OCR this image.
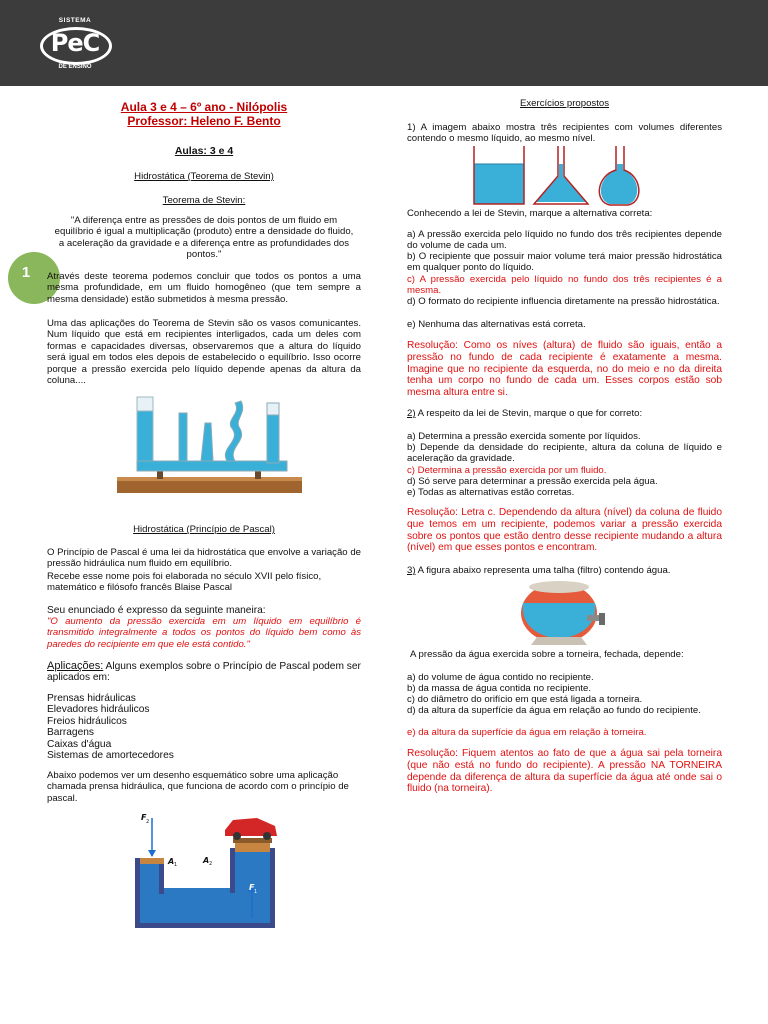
SISTEMA
PeC
DE ENSINO
1
Aula 3 e 4 – 6º ano - Nilópolis
Professor: Heleno F. Bento
Aulas: 3 e 4
Hidrostática (Teorema de Stevin)
Teorema de Stevin:
"A diferença entre as pressões de dois pontos de um fluido em equilíbrio é igual a multiplicação (produto) entre a densidade do fluido, a aceleração da gravidade e a diferença entre as profundidades dos pontos."
Através deste teorema podemos concluir que todos os pontos a uma mesma profundidade, em um fluido homogêneo (que tem sempre a mesma densidade) estão submetidos à mesma pressão.
Uma das aplicações do Teorema de Stevin são os vasos comunicantes. Num líquido que está em recipientes interligados, cada um deles com formas e capacidades diversas, observaremos que a altura do líquido será igual em todos eles depois de estabelecido o equilíbrio. Isso ocorre porque a pressão exercida pelo líquido depende apenas da altura da coluna....
Hidrostática (Princípio de Pascal)
O Princípio de Pascal é uma lei da hidrostática que envolve a variação de pressão hidráulica num fluido em equilíbrio.
Recebe esse nome pois foi elaborada no século XVII pelo físico, matemático e filósofo francês Blaise Pascal
Seu enunciado é expresso da seguinte maneira:
"O aumento da pressão exercida em um líquido em equilíbrio é transmitido integralmente a todos os pontos do líquido bem como às paredes do recipiente em que ele está contido."
Aplicações: Alguns exemplos sobre o Princípio de Pascal podem ser aplicados em:
Prensas hidráulicas
Elevadores hidráulicos
Freios hidráulicos
Barragens
Caixas d'água
Sistemas de amortecedores
Abaixo podemos ver um desenho esquemático sobre uma aplicação chamada prensa hidráulica, que funciona de acordo com o princípio de pascal.
F 2
A 1	A 2
F 1
Exercícios propostos
1) A imagem abaixo mostra três recipientes com volumes diferentes contendo o mesmo líquido, ao mesmo nível.
Conhecendo a lei de Stevin, marque a alternativa correta:
a) A pressão exercida pelo líquido no fundo dos três recipientes depende do volume de cada um.
b) O recipiente que possuir maior volume terá maior pressão hidrostática em qualquer ponto do líquido.
c) A pressão exercida pelo líquido no fundo dos três recipientes é a mesma.
d) O formato do recipiente influencia diretamente na pressão hidrostática.
e) Nenhuma das alternativas está correta.
Resolução: Como os níves (altura) de fluido são iguais, então a pressão no fundo de cada recipiente é exatamente a mesma. Imagine que no recipiente da esquerda, no do meio e no da direita tenha um corpo no fundo de cada um. Esses corpos estão sob mesma altura entre si.
2) A respeito da lei de Stevin, marque o que for correto:
a) Determina a pressão exercida somente por líquidos.
b) Depende da densidade do recipiente, altura da coluna de líquido e aceleração da gravidade.
c) Determina a pressão exercida por um fluido.
d) Só serve para determinar a pressão exercida pela água.
e) Todas as alternativas estão corretas.
Resolução: Letra c. Dependendo da altura (nível) da coluna de fluido que temos em um recipiente, podemos variar a pressão exercida sobre os pontos que estão dentro desse recipiente mudando a altura (nível) em que esses pontos e encontram.
3) A figura abaixo representa uma talha (filtro) contendo água.
A pressão da água exercida sobre a torneira, fechada, depende:
a) do volume de água contido no recipiente.
b) da massa de água contida no recipiente.
c) do diâmetro do orifício em que está ligada a torneira.
d) da altura da superfície da água em relação ao fundo do recipiente.
e) da altura da superfície da água em relação à torneira.
Resolução: Fiquem atentos ao fato de que a água sai pela torneira (que não está no fundo do recipiente). A pressão NA TORNEIRA depende da diferença de altura da superfície da água até onde sai o fluido (na torneira).
